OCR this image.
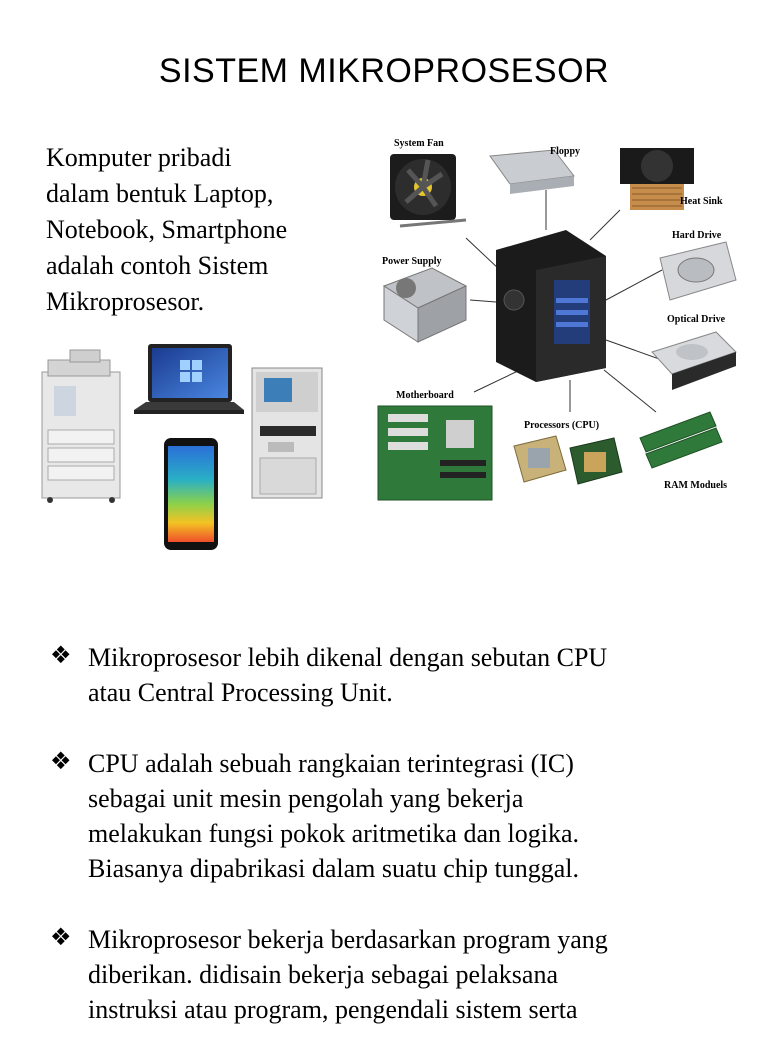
SISTEM MIKROPROSESOR
Komputer pribadi
dalam bentuk Laptop,
Notebook, Smartphone
adalah contoh Sistem
Mikroprosesor.
System Fan
Floppy
Heat Sink
Hard Drive
Power Supply
Optical Drive
Motherboard
Processors (CPU)
RAM Moduels
❖ Mikroprosesor lebih dikenal dengan sebutan CPU
atau Central Processing Unit.

❖ CPU adalah sebuah rangkaian terintegrasi (IC)
sebagai unit mesin pengolah yang bekerja
melakukan fungsi pokok aritmetika dan logika.
Biasanya dipabrikasi dalam suatu chip tunggal.

❖ Mikroprosesor bekerja berdasarkan program yang
diberikan. didisain bekerja sebagai pelaksana
instruksi atau program, pengendali sistem serta
